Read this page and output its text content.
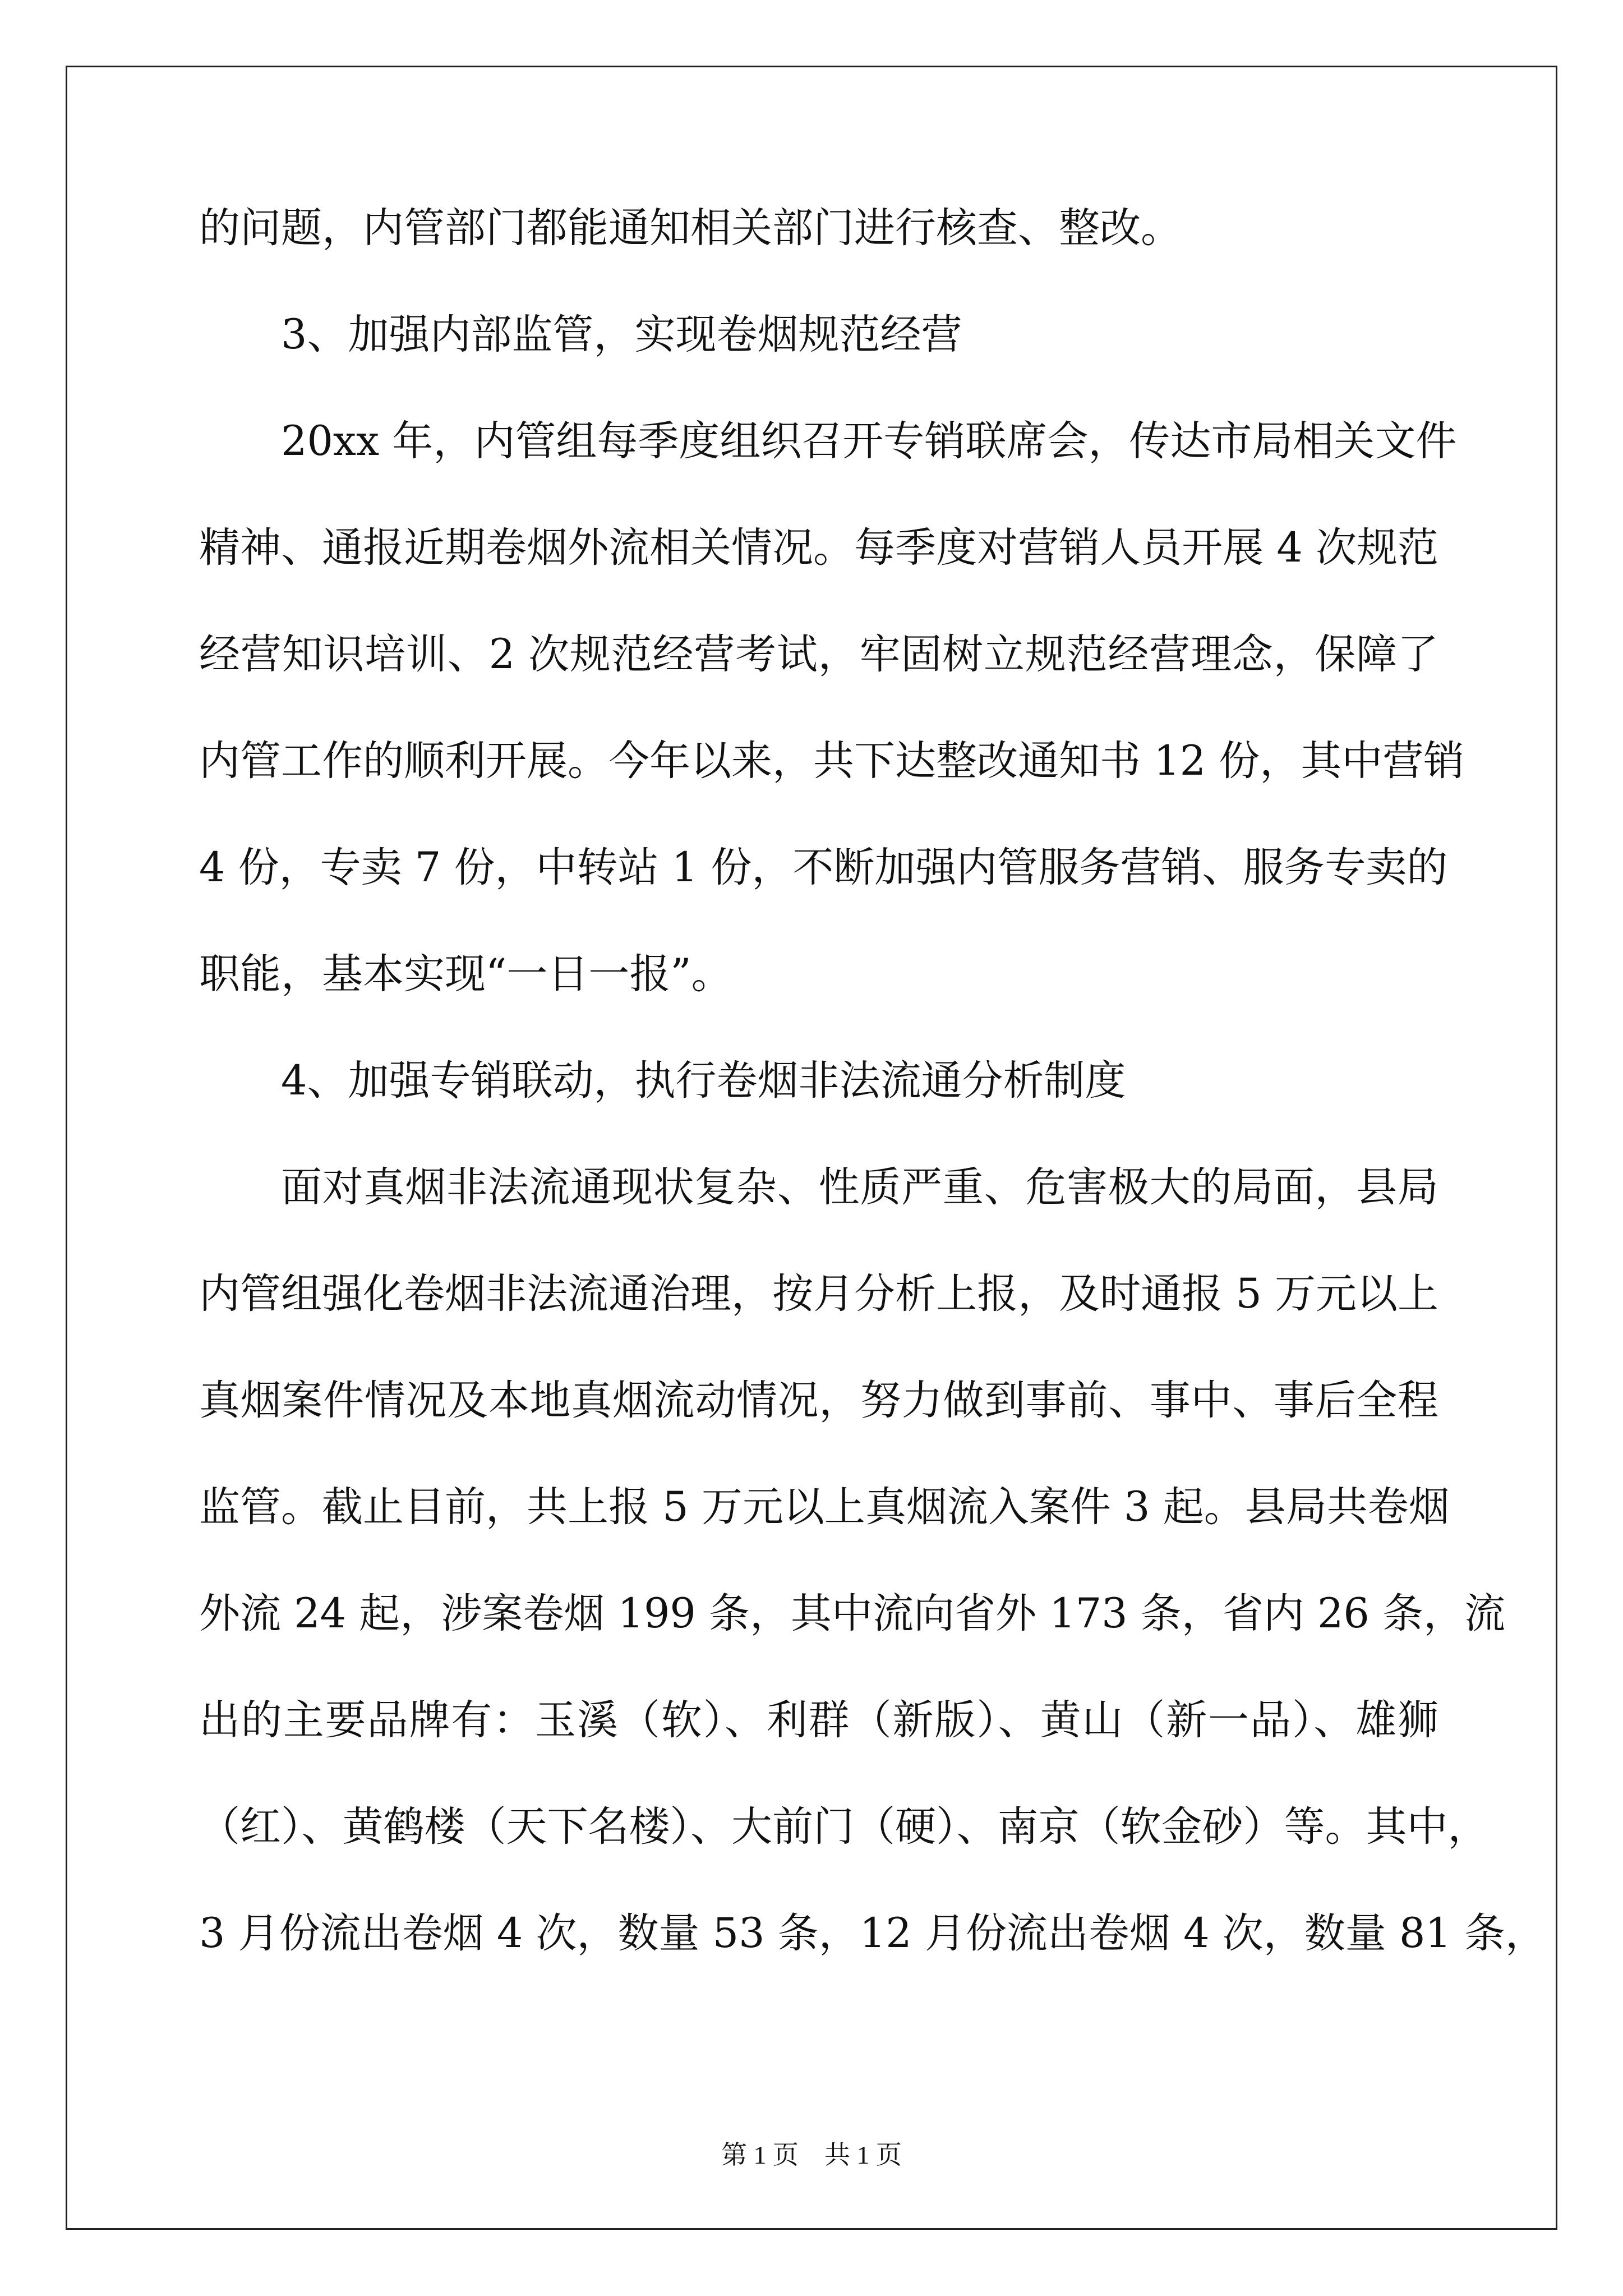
的问题，内管部门都能通知相关部门进行核查、整改。
3、加强内部监管，实现卷烟规范经营
20xx 年，内管组每季度组织召开专销联席会，传达市局相关文件
精神、通报近期卷烟外流相关情况。每季度对营销人员开展 4 次规范
经营知识培训、2 次规范经营考试，牢固树立规范经营理念，保障了
内管工作的顺利开展。今年以来，共下达整改通知书 12 份，其中营销
4 份，专卖 7 份，中转站 1 份，不断加强内管服务营销、服务专卖的
职能，基本实现“一日一报”。
4、加强专销联动，执行卷烟非法流通分析制度
面对真烟非法流通现状复杂、性质严重、危害极大的局面，县局
内管组强化卷烟非法流通治理，按月分析上报，及时通报 5 万元以上
真烟案件情况及本地真烟流动情况，努力做到事前、事中、事后全程
监管。截止目前，共上报 5 万元以上真烟流入案件 3 起。县局共卷烟
外流 24 起，涉案卷烟 199 条，其中流向省外 173 条，省内 26 条，流
出的主要品牌有：玉溪（软）、利群（新版）、黄山（新一品）、雄狮
（红）、黄鹤楼（天下名楼）、大前门（硬）、南京（软金砂）等。其中，
3 月份流出卷烟 4 次，数量 53 条，12 月份流出卷烟 4 次，数量 81 条，
第 1 页　共 1 页
